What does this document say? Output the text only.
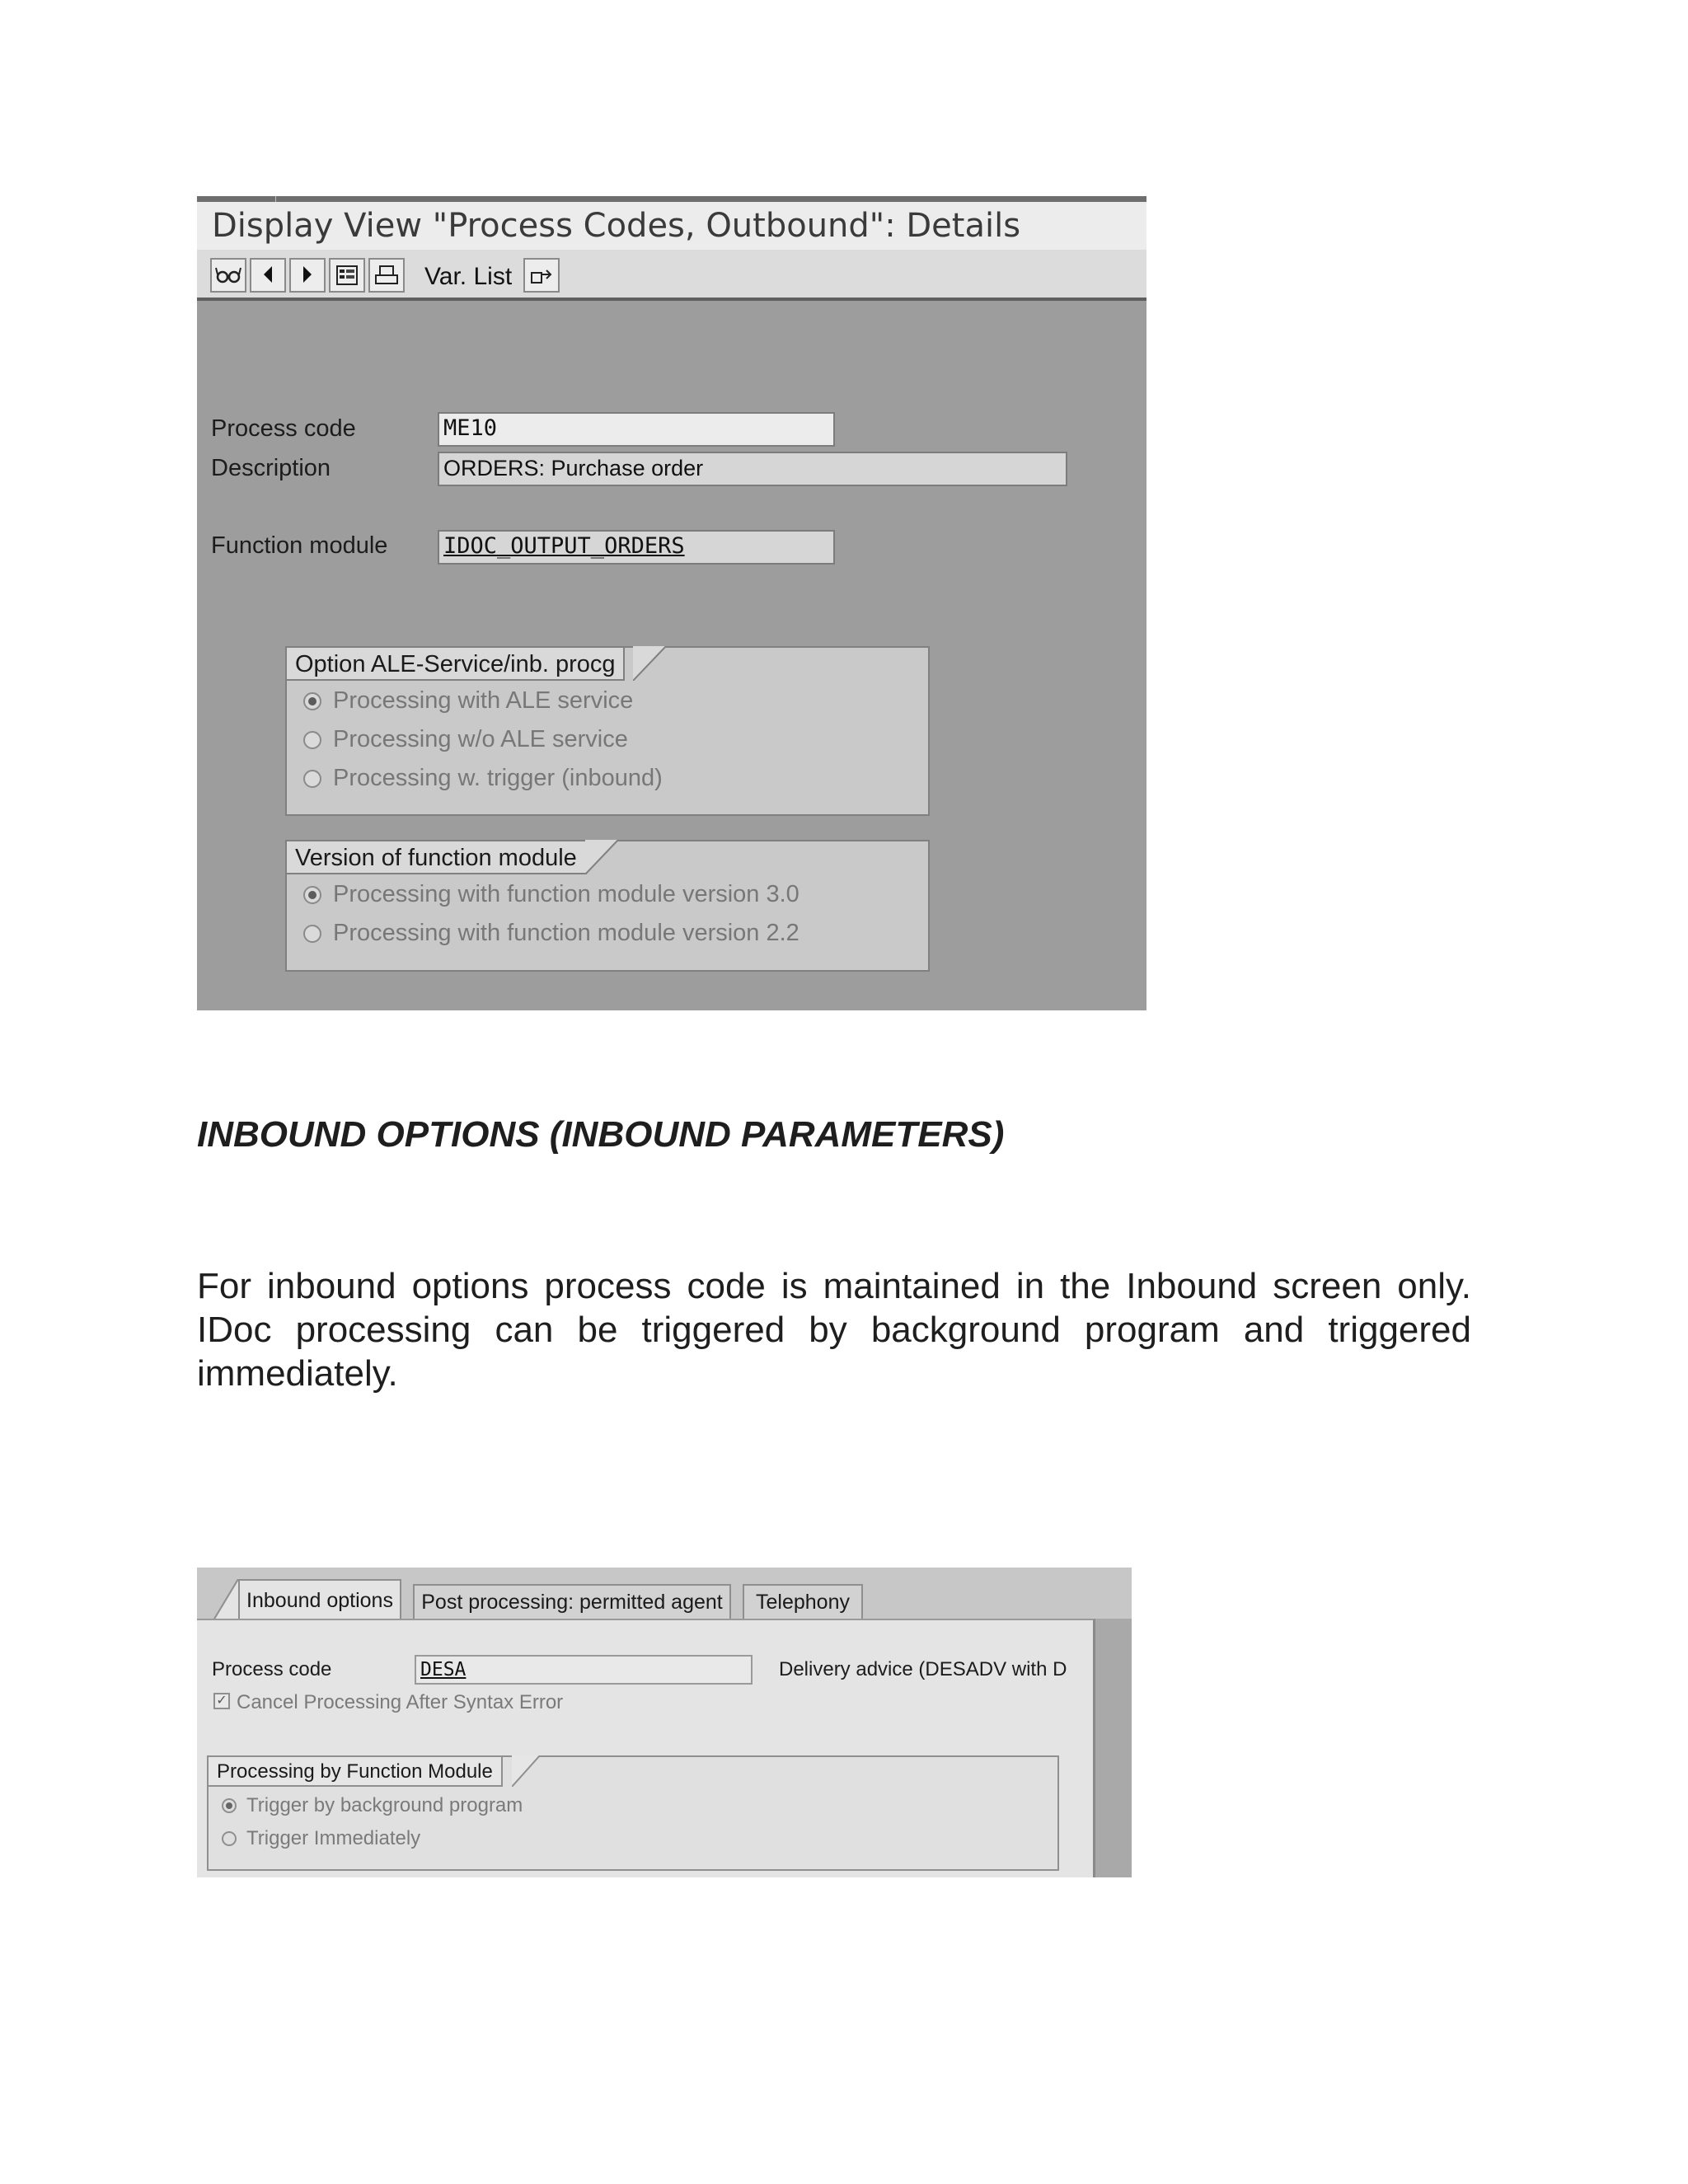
Display View "Process Codes, Outbound": Details
Var. List
Process code	ME10
Description	ORDERS: Purchase order
Function module	IDOC_OUTPUT_ORDERS
Option ALE-Service/inb. procg
Processing with ALE service
Processing w/o ALE service
Processing w. trigger (inbound)
Version of function module
Processing with function module version 3.0
Processing with function module version 2.2
INBOUND OPTIONS (INBOUND PARAMETERS)

For inbound options process code is maintained in the Inbound screen only. IDoc processing can be triggered by background program and triggered immediately.

Inbound options	Post processing: permitted agent	Telephony
Process code	DESA	Delivery advice (DESADV with D
✓ Cancel Processing After Syntax Error
Processing by Function Module
Trigger by background program
Trigger Immediately
